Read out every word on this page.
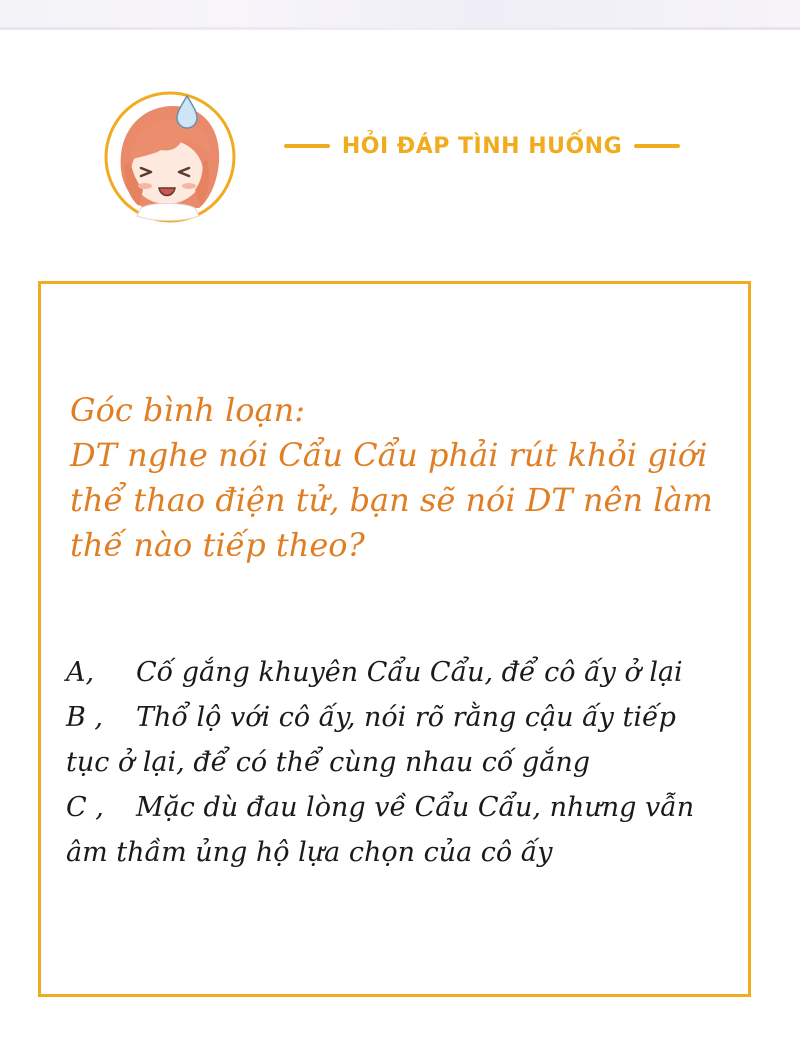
HỎI ĐÁP TÌNH HUỐNG
Góc bình loạn:
DT nghe nói Cẩu Cẩu phải rút khỏi giới
thể thao điện tử, bạn sẽ nói DT nên làm
thế nào tiếp theo?
A, Cố gắng khuyên Cẩu Cẩu, để cô ấy ở lại
B , Thổ lộ với cô ấy, nói rõ rằng cậu ấy tiếp
tục ở lại, để có thể cùng nhau cố gắng
C , Mặc dù đau lòng về Cẩu Cẩu, nhưng vẫn
âm thầm ủng hộ lựa chọn của cô ấy
